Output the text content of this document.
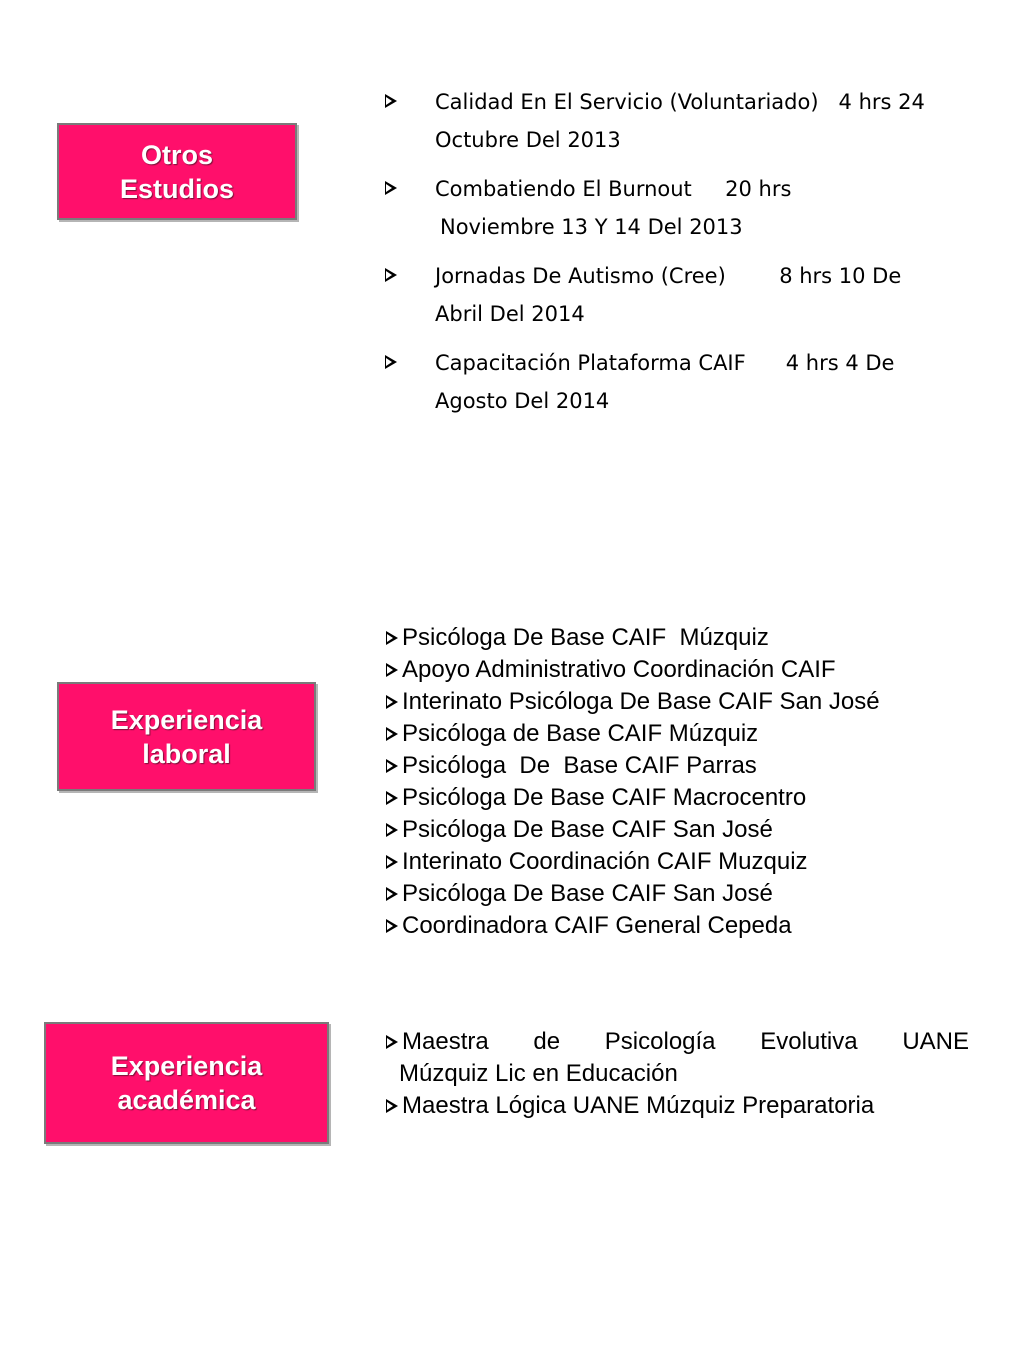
Otros
Estudios
Experiencia
laboral
Experiencia
académica
Calidad En El Servicio (Voluntariado)   4 hrs 24
Octubre Del 2013
Combatiendo El Burnout     20 hrs
Noviembre 13 Y 14 Del 2013
Jornadas De Autismo (Cree)        8 hrs 10 De
Abril Del 2014
Capacitación Plataforma CAIF      4 hrs 4 De
Agosto Del 2014
Psicóloga De Base CAIF  Múzquiz
Apoyo Administrativo Coordinación CAIF
Interinato Psicóloga De Base CAIF San José
Psicóloga de Base CAIF Múzquiz
Psicóloga  De  Base CAIF Parras
Psicóloga De Base CAIF Macrocentro
Psicóloga De Base CAIF San José
Interinato Coordinación CAIF Muzquiz
Psicóloga De Base CAIF San José
Coordinadora CAIF General Cepeda
Maestra de Psicología Evolutiva UANE
Múzquiz Lic en Educación
Maestra Lógica UANE Múzquiz Preparatoria
